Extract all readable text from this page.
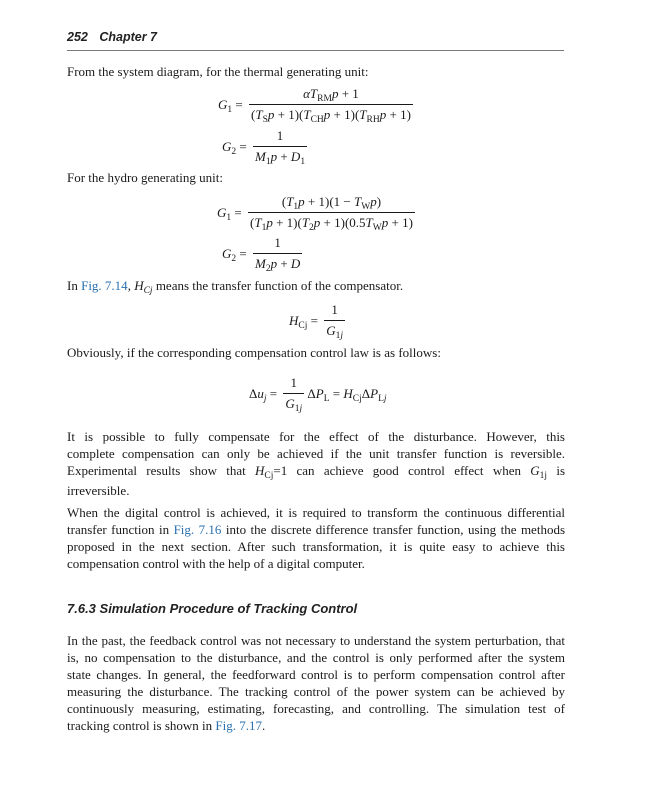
252 Chapter 7
From the system diagram, for the thermal generating unit:
$G_1 = \frac{\alpha T_{RM}p + 1}{(T_Sp + 1)(T_{CH}p + 1)(T_{RH}p + 1)}$
$G_2 = \frac{1}{M_1p + D_1}$
For the hydro generating unit:
$G_1 = \frac{(T_1p + 1)(1 - T_Wp)}{(T_1p + 1)(T_2p + 1)(0.5T_Wp + 1)}$
$G_2 = \frac{1}{M_2p + D}$
In Fig. 7.14, $H_{Cj}$ means the transfer function of the compensator.
$H_{Cj} = \frac{1}{G_{1j}}$
Obviously, if the corresponding compensation control law is as follows:
$\Delta u_j = \frac{1}{G_{1j}} \Delta P_L = H_{Cj}\Delta P_{Lj}$
It is possible to fully compensate for the effect of the disturbance. However, this
complete compensation can only be achieved if the unit transfer function is reversible.
Experimental results show that $H_{Cj}=1$ can achieve good control effect when $G_{1j}$ is
irreversible.
When the digital control is achieved, it is required to transform the continuous differential
transfer function in Fig. 7.16 into the discrete difference transfer function, using the methods
proposed in the next section. After such transformation, it is quite easy to achieve this
compensation control with the help of a digital computer.
7.6.3 Simulation Procedure of Tracking Control
In the past, the feedback control was not necessary to understand the system perturbation, that
is, no compensation to the disturbance, and the control is only performed after the system
state changes. In general, the feedforward control is to perform compensation control after
measuring the disturbance. The tracking control of the power system can be achieved by
continuously measuring, estimating, forecasting, and controlling. The simulation test of
tracking control is shown in Fig. 7.17.
